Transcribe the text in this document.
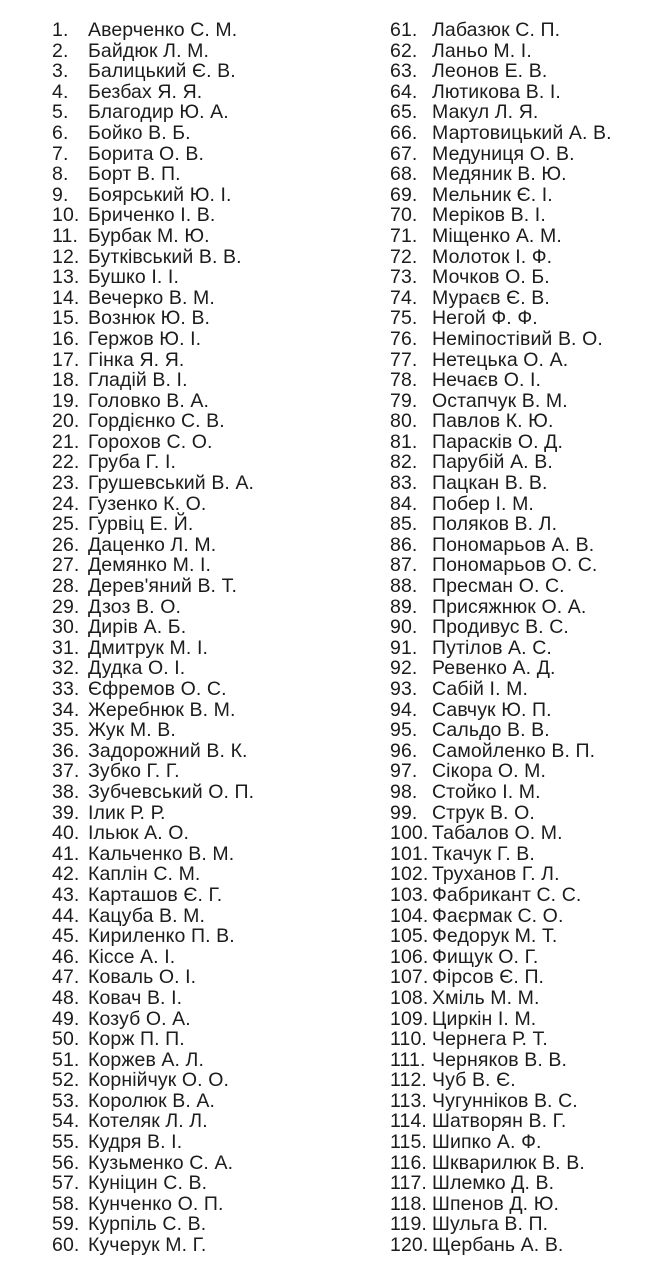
1.	Аверченко С. М.
2.	Байдюк Л. М.
3.	Балицький Є. В.
4.	Безбах Я. Я.
5.	Благодир Ю. А.
6.	Бойко В. Б.
7.	Борита О. В.
8.	Борт В. П.
9.	Боярський Ю. І.
10. Бриченко І. В.
11. Бурбак М. Ю.
12. Бутківський В. В.
13. Бушко І. І.
14. Вечерко В. М.
15. Вознюк Ю. В.
16. Гержов Ю. І.
17. Гінка Я. Я.
18. Гладій В. І.
19. Головко В. А.
20. Гордієнко С. В.
21. Горохов С. О.
22. Груба Г. І.
23. Грушевський В. А.
24. Гузенко К. О.
25. Гурвіц Е. Й.
26. Даценко Л. М.
27. Демянко М. І.
28. Дерев'яний В. Т.
29. Дзоз В. О.
30. Дирів А. Б.
31. Дмитрук М. І.
32. Дудка О. І.
33. Єфремов О. С.
34. Жеребнюк В. М.
35. Жук М. В.
36. Задорожний В. К.
37. Зубко Г. Г.
38. Зубчевський О. П.
39. Ілик Р. Р.
40. Ільюк А. О.
41. Кальченко В. М.
42. Каплін С. М.
43. Карташов Є. Г.
44. Кацуба В. М.
45. Кириленко П. В.
46. Кіссе А. І.
47. Коваль О. І.
48. Ковач В. І.
49. Козуб О. А.
50. Корж П. П.
51. Коржев А. Л.
52. Корнійчук О. О.
53. Королюк В. А.
54. Котеляк Л. Л.
55. Кудря В. І.
56. Кузьменко С. А.
57. Куніцин С. В.
58. Кунченко О. П.
59. Курпіль С. В.
60. Кучерук М. Г.
61. Лабазюк С. П.
62. Ланьо М. І.
63. Леонов Е. В.
64. Лютикова В. І.
65. Макул Л. Я.
66. Мартовицький А. В.
67. Медуниця О. В.
68. Медяник В. Ю.
69. Мельник Є. І.
70. Меріков В. І.
71. Міщенко А. М.
72. Молоток І. Ф.
73. Мочков О. Б.
74. Мураєв Є. В.
75. Негой Ф. Ф.
76. Неміпостівий В. О.
77. Нетецька О. А.
78. Нечаєв О. І.
79. Остапчук В. М.
80. Павлов К. Ю.
81. Парасків О. Д.
82. Парубій А. В.
83. Пацкан В. В.
84. Побер І. М.
85. Поляков В. Л.
86. Пономарьов А. В.
87. Пономарьов О. С.
88. Пресман О. С.
89. Присяжнюк О. А.
90. Продивус В. С.
91. Путілов А. С.
92. Ревенко А. Д.
93. Сабій І. М.
94. Савчук Ю. П.
95. Сальдо В. В.
96. Самойленко В. П.
97. Сікора О. М.
98. Стойко І. М.
99. Струк В. О.
100. Табалов О. М.
101. Ткачук Г. В.
102. Труханов Г. Л.
103. Фабрикант С. С.
104. Фаєрмак С. О.
105. Федорук М. Т.
106. Фищук О. Г.
107. Фірсов Є. П.
108. Хміль М. М.
109. Циркін І. М.
110. Чернега Р. Т.
111. Черняков В. В.
112. Чуб В. Є.
113. Чугунніков В. С.
114. Шатворян В. Г.
115. Шипко А. Ф.
116. Шкварилюк В. В.
117. Шлемко Д. В.
118. Шпенов Д. Ю.
119. Шульга В. П.
120. Щербань А. В.
